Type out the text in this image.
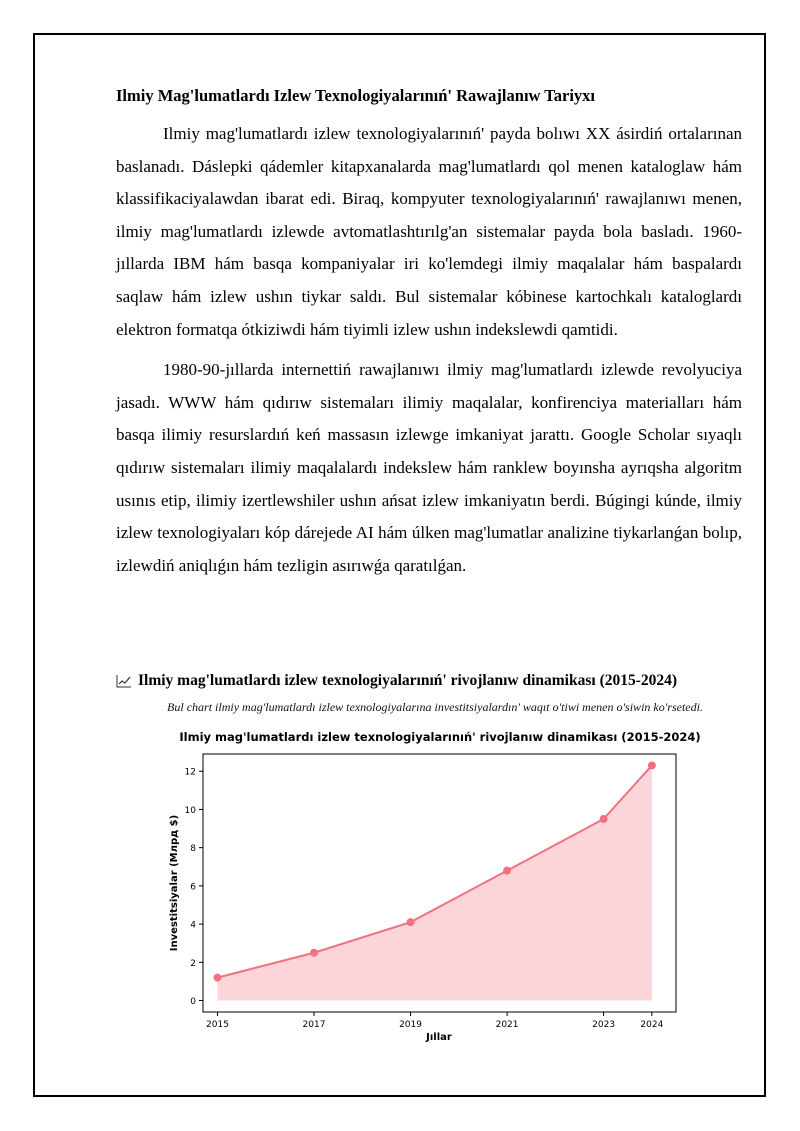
Ilmiy Mag'lumatlardı Izlew Texnologiyalarınıń' Rawajlanıw Tariyxı

Ilmiy mag'lumatlardı izlew texnologiyalarınıń' payda bolıwı XX ásirdiń ortalarınan baslanadı. Dáslepki qádemler kitapxanalarda mag'lumatlardı qol menen kataloglaw hám klassifikaciyalawdan ibarat edi. Biraq, kompyuter texnologiyalarınıń' rawajlanıwı menen, ilmiy mag'lumatlardı izlewde avtomatlashtırılg'an sistemalar payda bola basladı. 1960-jıllarda IBM hám basqa kompaniyalar iri ko'lemdegi ilmiy maqalalar hám baspalardı saqlaw hám izlew ushın tiykar saldı. Bul sistemalar kóbinese kartochkalı kataloglardı elektron formatqa ótkiziwdi hám tiyimli izlew ushın indekslewdi qamtidi.

1980-90-jıllarda internettiń rawajlanıwı ilmiy mag'lumatlardı izlewde revolyuciya jasadı. WWW hám qıdırıw sistemaları ilimiy maqalalar, konfirenciya materialları hám basqa ilimiy resurslardıń keń massasın izlewge imkaniyat jarattı. Google Scholar sıyaqlı qıdırıw sistemaları ilimiy maqalalardı indekslew hám ranklew boyınsha ayrıqsha algoritm usınıs etip, ilimiy izertlewshiler ushın ańsat izlew imkaniyatın berdi. Búgingi kúnde, ilmiy izlew texnologiyaları kóp dárejede AI hám úlken mag'lumatlar analizine tiykarlanǵan bolıp, izlewdiń aniqlıǵın hám tezligin asırıwǵa qaratılǵan.

Ilmiy mag'lumatlardı izlew texnologiyalarınıń' rivojlanıw dinamikası (2015-2024)
Bul chart ilmiy mag'lumatlardı izlew texnologiyalarına investitsiyalardın' waqıt o'tiwi menen o'siwin ko'rsetedi.
Ilmiy mag'lumatlardı izlew texnologiyalarınıń' rivojlanıw dinamikası (2015-2024)
0
2
4
6
8
10
12
2015	2017	2019	2021	2023	2024
Jıllar
Investitsiyalar (Млрд $)
